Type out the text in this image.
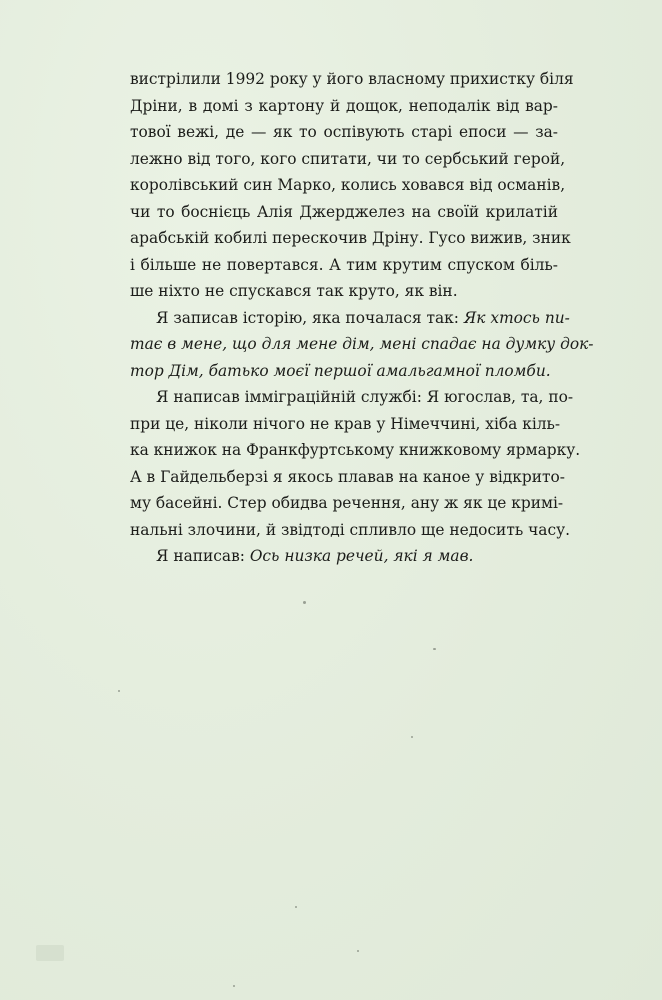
вистрілили 1992 року у його власному прихистку біля
Дріни, в домі з картону й дощок, неподалік від вар-
тової вежі, де — як то оспівують старі епоси — за-
лежно від того, кого спитати, чи то сербський герой,
королівський син Марко, колись ховався від османів,
чи то боснієць Алія Джерджелез на своїй крилатій
арабській кобилі перескочив Дріну. Гусо вижив, зник
і більше не повертався. А тим крутим спуском біль-
ше ніхто не спускався так круто, як він.
Я записав історію, яка почалася так: Як хтось пи-
тає в мене, що для мене дім, мені спадає на думку док-
тор Дім, батько моєї першої амальгамної пломби.
Я написав імміграційній службі: Я югослав, та, по-
при це, ніколи нічого не крав у Німеччині, хіба кіль-
ка книжок на Франкфуртському книжковому ярмарку.
А в Гайдельберзі я якось плавав на каное у відкрито-
му басейні. Стер обидва речення, ану ж як це кримі-
нальні злочини, й звідтоді спливло ще недосить часу.
Я написав: Ось низка речей, які я мав.
